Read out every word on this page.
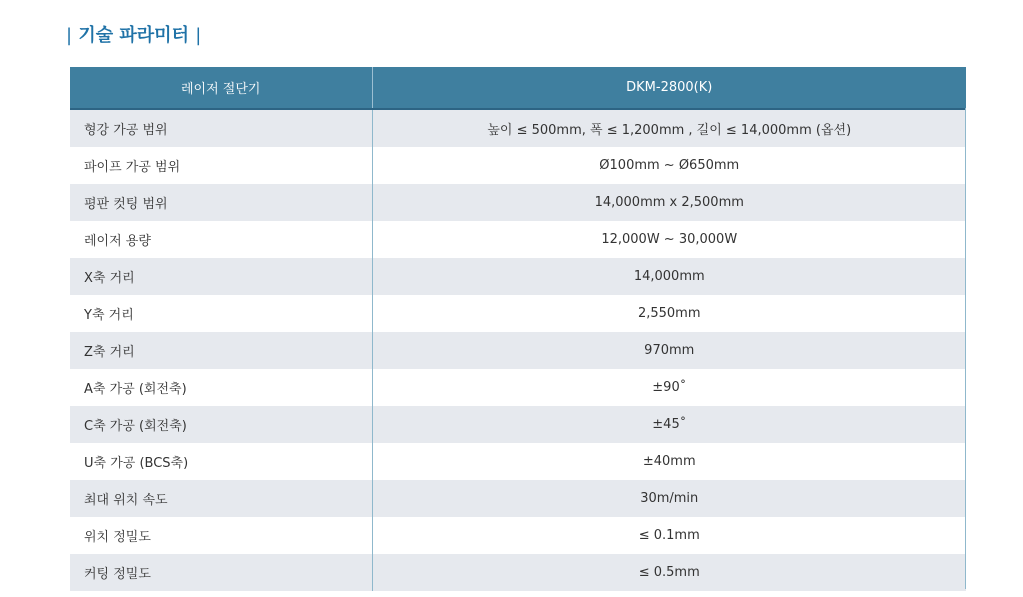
| 기술 파라미터 |
레이저 절단기	DKM-2800(K)
형강 가공 범위	높이 ≤ 500mm, 폭 ≤ 1,200mm , 길이 ≤ 14,000mm (옵션)
파이프 가공 범위	Ø100mm ~ Ø650mm
평판 컷팅 범위	14,000mm x 2,500mm
레이저 용량	12,000W ~ 30,000W
X축 거리	14,000mm
Y축 거리	2,550mm
Z축 거리	970mm
A축 가공 (회전축)	±90˚
C축 가공 (회전축)	±45˚
U축 가공 (BCS축)	±40mm
최대 위치 속도	30m/min
위치 정밀도	≤ 0.1mm
커팅 정밀도	≤ 0.5mm
